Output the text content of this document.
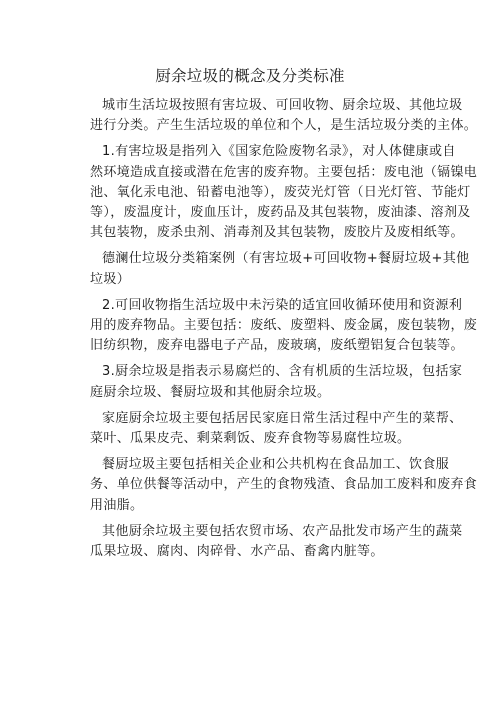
厨余垃圾的概念及分类标准
城市生活垃圾按照有害垃圾、可回收物、厨余垃圾、其他垃圾
进行分类。产生生活垃圾的单位和个人，是生活垃圾分类的主体。
1.有害垃圾是指列入《国家危险废物名录》，对人体健康或自
然环境造成直接或潜在危害的废弃物。主要包括：废电池（镉镍电
池、氧化汞电池、铅蓄电池等），废荧光灯管（日光灯管、节能灯
等），废温度计，废血压计，废药品及其包装物，废油漆、溶剂及
其包装物，废杀虫剂、消毒剂及其包装物，废胶片及废相纸等。
德澜仕垃圾分类箱案例（有害垃圾+可回收物+餐厨垃圾+其他
垃圾）
2.可回收物指生活垃圾中未污染的适宜回收循环使用和资源利
用的废弃物品。主要包括：废纸、废塑料、废金属，废包装物，废
旧纺织物，废弃电器电子产品，废玻璃，废纸塑铝复合包装等。
3.厨余垃圾是指表示易腐烂的、含有机质的生活垃圾，包括家
庭厨余垃圾、餐厨垃圾和其他厨余垃圾。
家庭厨余垃圾主要包括居民家庭日常生活过程中产生的菜帮、
菜叶、瓜果皮壳、剩菜剩饭、废弃食物等易腐性垃圾。
餐厨垃圾主要包括相关企业和公共机构在食品加工、饮食服
务、单位供餐等活动中，产生的食物残渣、食品加工废料和废弃食
用油脂。
其他厨余垃圾主要包括农贸市场、农产品批发市场产生的蔬菜
瓜果垃圾、腐肉、肉碎骨、水产品、畜禽内脏等。
